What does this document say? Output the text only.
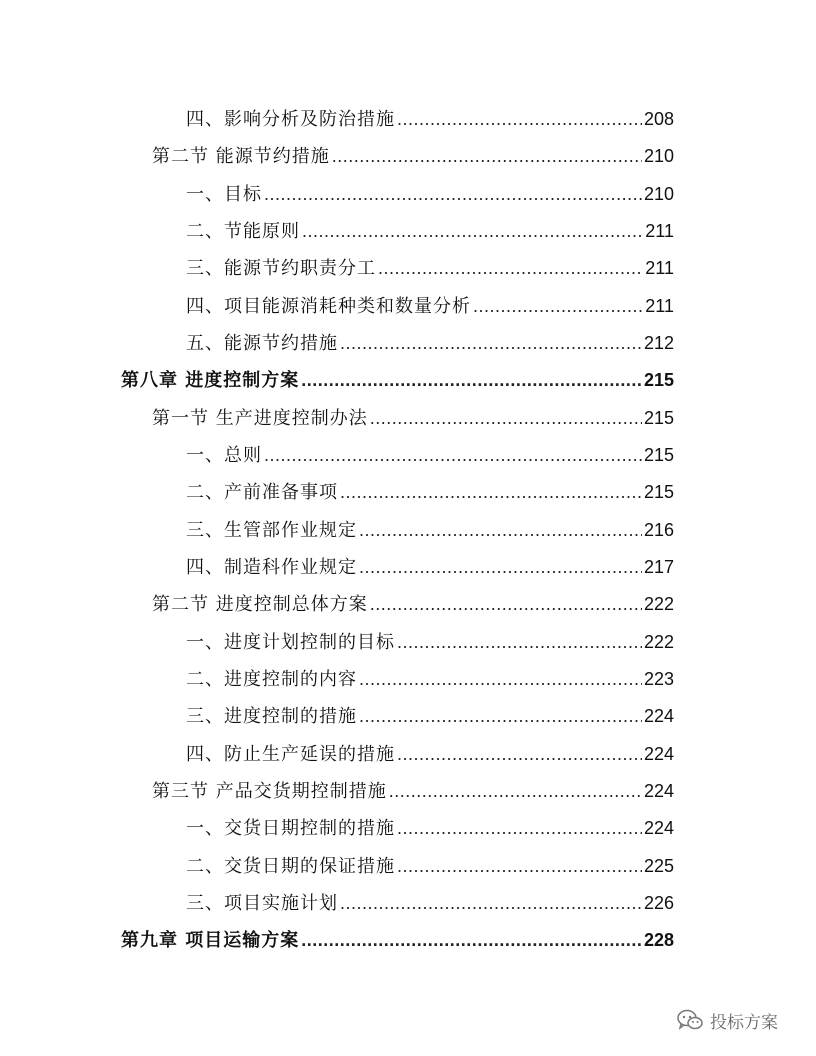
四、影响分析及防治措施 .....	208
第二节 能源节约措施 .....	210
一、目标 .....	210
二、节能原则 .....	211
三、能源节约职责分工 .....	211
四、项目能源消耗种类和数量分析 .....	211
五、能源节约措施 .....	212
第八章 进度控制方案 .....	215
第一节 生产进度控制办法 .....	215
一、总则 .....	215
二、产前准备事项 .....	215
三、生管部作业规定 .....	216
四、制造科作业规定 .....	217
第二节 进度控制总体方案 .....	222
一、进度计划控制的目标 .....	222
二、进度控制的内容 .....	223
三、进度控制的措施 .....	224
四、防止生产延误的措施 .....	224
第三节 产品交货期控制措施 .....	224
一、交货日期控制的措施 .....	224
二、交货日期的保证措施 .....	225
三、项目实施计划 .....	226
第九章 项目运输方案 .....	228
投标方案
